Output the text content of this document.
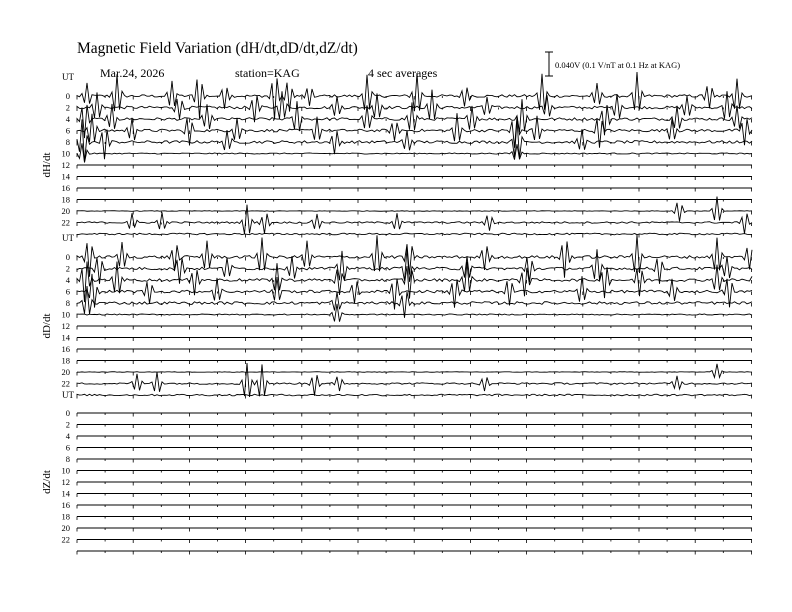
Magnetic Field Variation (dH/dt,dD/dt,dZ/dt)
Mar.24, 2026	station=KAG	4 sec averages
0.040V (0.1 V/nT at 0.1 Hz at KAG)
UT
dH/dt
0
2
4
6
8
10
12
14
16
18
20
22
UT
dD/dt
0
2
4
6
8
10
12
14
16
18
20
22
UT
dZ/dt
0
2
4
6
8
10
12
14
16
18
20
22
